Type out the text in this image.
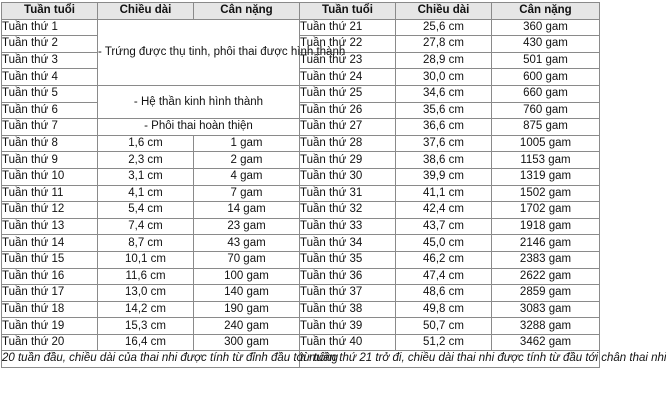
Tuần tuổi	Chiều dài	Cân nặng	Tuần tuổi	Chiều dài	Cân nặng
Tuần thứ 1	- Trứng được thụ tinh, phôi thai được hình thành		Tuần thứ 21	25,6 cm	360 gam
Tuần thứ 2			Tuần thứ 22	27,8 cm	430 gam
Tuần thứ 3			Tuần thứ 23	28,9 cm	501 gam
Tuần thứ 4			Tuần thứ 24	30,0 cm	600 gam
Tuần thứ 5	- Hệ thần kinh hình thành		Tuần thứ 25	34,6 cm	660 gam
Tuần thứ 6			Tuần thứ 26	35,6 cm	760 gam
Tuần thứ 7	- Phôi thai hoàn thiện		Tuần thứ 27	36,6 cm	875 gam
Tuần thứ 8	1,6 cm	1 gam	Tuần thứ 28	37,6 cm	1005 gam
Tuần thứ 9	2,3 cm	2 gam	Tuần thứ 29	38,6 cm	1153 gam
Tuần thứ 10	3,1 cm	4 gam	Tuần thứ 30	39,9 cm	1319 gam
Tuần thứ 11	4,1 cm	7 gam	Tuần thứ 31	41,1 cm	1502 gam
Tuần thứ 12	5,4 cm	14 gam	Tuần thứ 32	42,4 cm	1702 gam
Tuần thứ 13	7,4 cm	23 gam	Tuần thứ 33	43,7 cm	1918 gam
Tuần thứ 14	8,7 cm	43 gam	Tuần thứ 34	45,0 cm	2146 gam
Tuần thứ 15	10,1 cm	70 gam	Tuần thứ 35	46,2 cm	2383 gam
Tuần thứ 16	11,6 cm	100 gam	Tuần thứ 36	47,4 cm	2622 gam
Tuần thứ 17	13,0 cm	140 gam	Tuần thứ 37	48,6 cm	2859 gam
Tuần thứ 18	14,2 cm	190 gam	Tuần thứ 38	49,8 cm	3083 gam
Tuần thứ 19	15,3 cm	240 gam	Tuần thứ 39	50,7 cm	3288 gam
Tuần thứ 20	16,4 cm	300 gam	Tuần thứ 40	51,2 cm	3462 gam
20 tuần đầu, chiều dài của thai nhi được tính từ đỉnh đầu tới mông			từ tuần thứ 21 trở đi, chiều dài thai nhi được tính từ đầu tới chân thai nhi		
